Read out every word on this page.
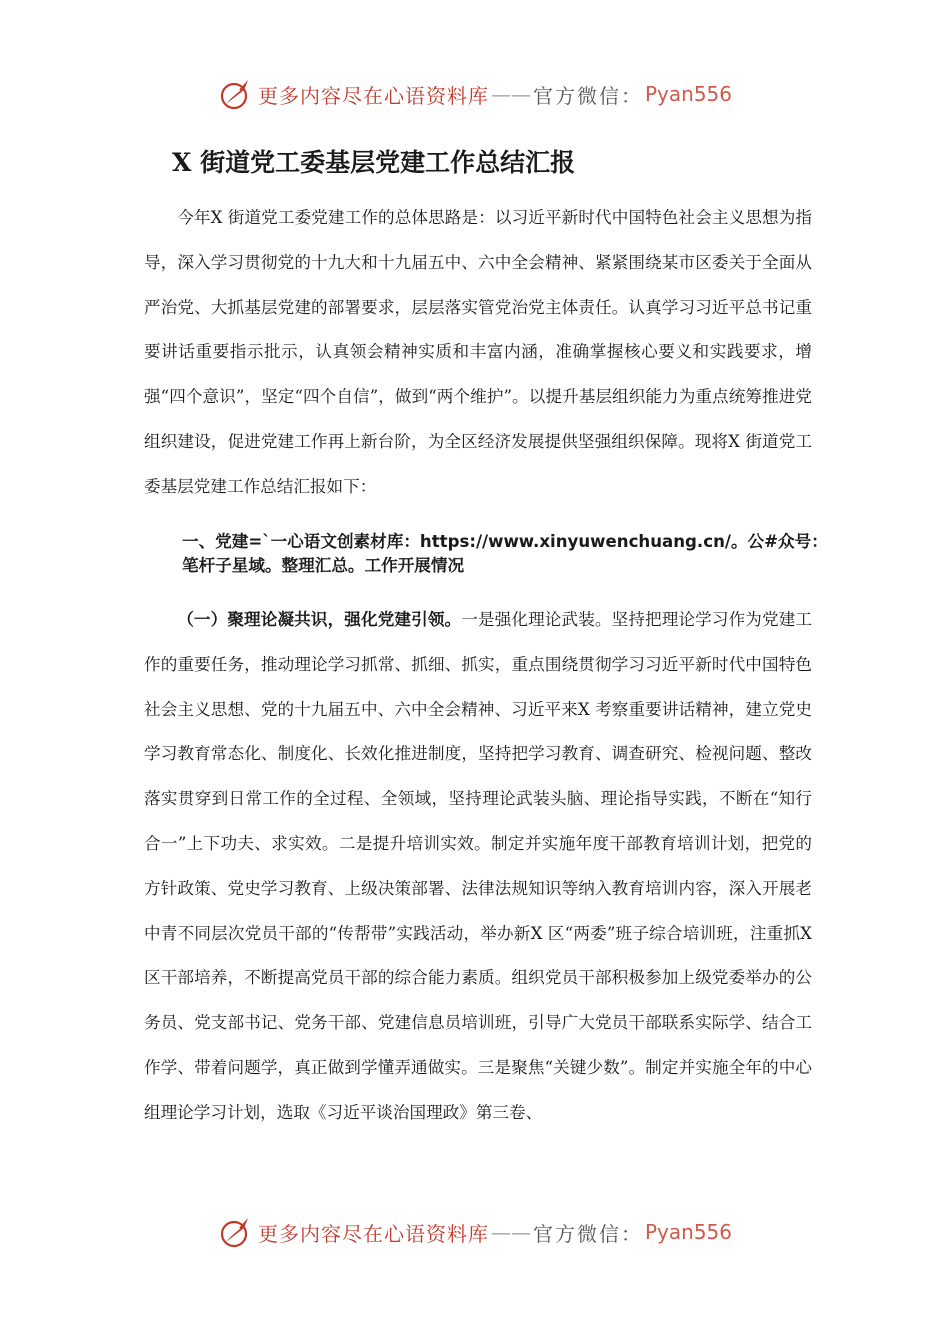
更多内容尽在心语资料库 —— 官方微信： Pyan556
X 街道党工委基层党建工作总结汇报

今年X 街道党工委党建工作的总体思路是：以习近平新时代中国特色社会主义思想为指导，深入学习贯彻党的十九大和十九届五中、六中全会精神、紧紧围绕某市区委关于全面从严治党、大抓基层党建的部署要求，层层落实管党治党主体责任。认真学习习近平总书记重要讲话重要指示批示，认真领会精神实质和丰富内涵，准确掌握核心要义和实践要求，增强“四个意识”，坚定“四个自信”，做到“两个维护”。以提升基层组织能力为重点统筹推进党组织建设，促进党建工作再上新台阶，为全区经济发展提供坚强组织保障。现将X 街道党工委基层党建工作总结汇报如下：

一、党建=`一心语文创素材库：https://www.xinyuwenchuang.cn/。公#众号：笔杆子星域。整理汇总。工作开展情况

（一）聚理论凝共识，强化党建引领。一是强化理论武装。坚持把理论学习作为党建工作的重要任务，推动理论学习抓常、抓细、抓实，重点围绕贯彻学习习近平新时代中国特色社会主义思想、党的十九届五中、六中全会精神、习近平来X 考察重要讲话精神，建立党史学习教育常态化、制度化、长效化推进制度，坚持把学习教育、调查研究、检视问题、整改落实贯穿到日常工作的全过程、全领域，坚持理论武装头脑、理论指导实践，不断在“知行合一”上下功夫、求实效。二是提升培训实效。制定并实施年度干部教育培训计划，把党的方针政策、党史学习教育、上级决策部署、法律法规知识等纳入教育培训内容，深入开展老中青不同层次党员干部的“传帮带”实践活动，举办新X 区“两委”班子综合培训班，注重抓X 区干部培养，不断提高党员干部的综合能力素质。组织党员干部积极参加上级党委举办的公务员、党支部书记、党务干部、党建信息员培训班，引导广大党员干部联系实际学、结合工作学、带着问题学，真正做到学懂弄通做实。三是聚焦“关键少数”。制定并实施全年的中心组理论学习计划，选取《习近平谈治国理政》第三卷、

更多内容尽在心语资料库 —— 官方微信： Pyan556
